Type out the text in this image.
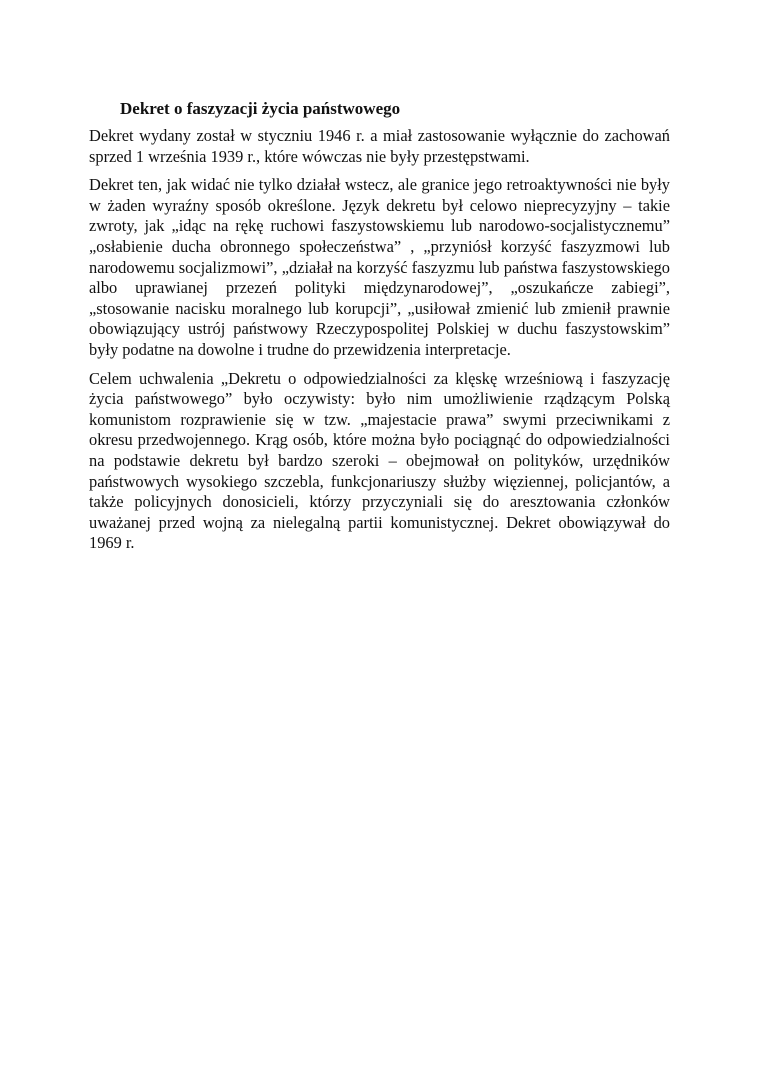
Dekret o faszyzacji życia państwowego

Dekret wydany został w styczniu 1946 r. a miał zastosowanie wyłącznie do zachowań sprzed 1 września 1939 r., które wówczas nie były przestępstwami.

Dekret ten, jak widać nie tylko działał wstecz, ale granice jego retroaktywności nie były w żaden wyraźny sposób określone. Język dekretu był celowo nieprecyzyjny – takie zwroty, jak „idąc na rękę ruchowi faszystowskiemu lub narodowo-socjalistycznemu” „osłabienie ducha obronnego społeczeństwa” , „przyniósł korzyść faszyzmowi lub narodowemu socjalizmowi”, „działał na korzyść faszyzmu lub państwa faszystowskiego albo uprawianej przezeń polityki międzynarodowej”, „oszukańcze zabiegi”, „stosowanie nacisku moralnego lub korupcji”, „usiłował zmienić lub zmienił prawnie obowiązujący ustrój państwowy Rzeczypospolitej Polskiej w duchu faszystowskim” były podatne na dowolne i trudne do przewidzenia interpretacje.

Celem uchwalenia „Dekretu o odpowiedzialności za klęskę wrześniową i faszyzację życia państwowego” było oczywisty: było nim umożliwienie rządzącym Polską komunistom rozprawienie się w tzw. „majestacie prawa” swymi przeciwnikami z okresu przedwojennego. Krąg osób, które można było pociągnąć do odpowiedzialności na podstawie dekretu był bardzo szeroki – obejmował on polityków, urzędników państwowych wysokiego szczebla, funkcjonariuszy służby więziennej, policjantów, a także policyjnych donosicieli, którzy przyczyniali się do aresztowania członków uważanej przed wojną za nielegalną partii komunistycznej. Dekret obowiązywał do 1969 r.
